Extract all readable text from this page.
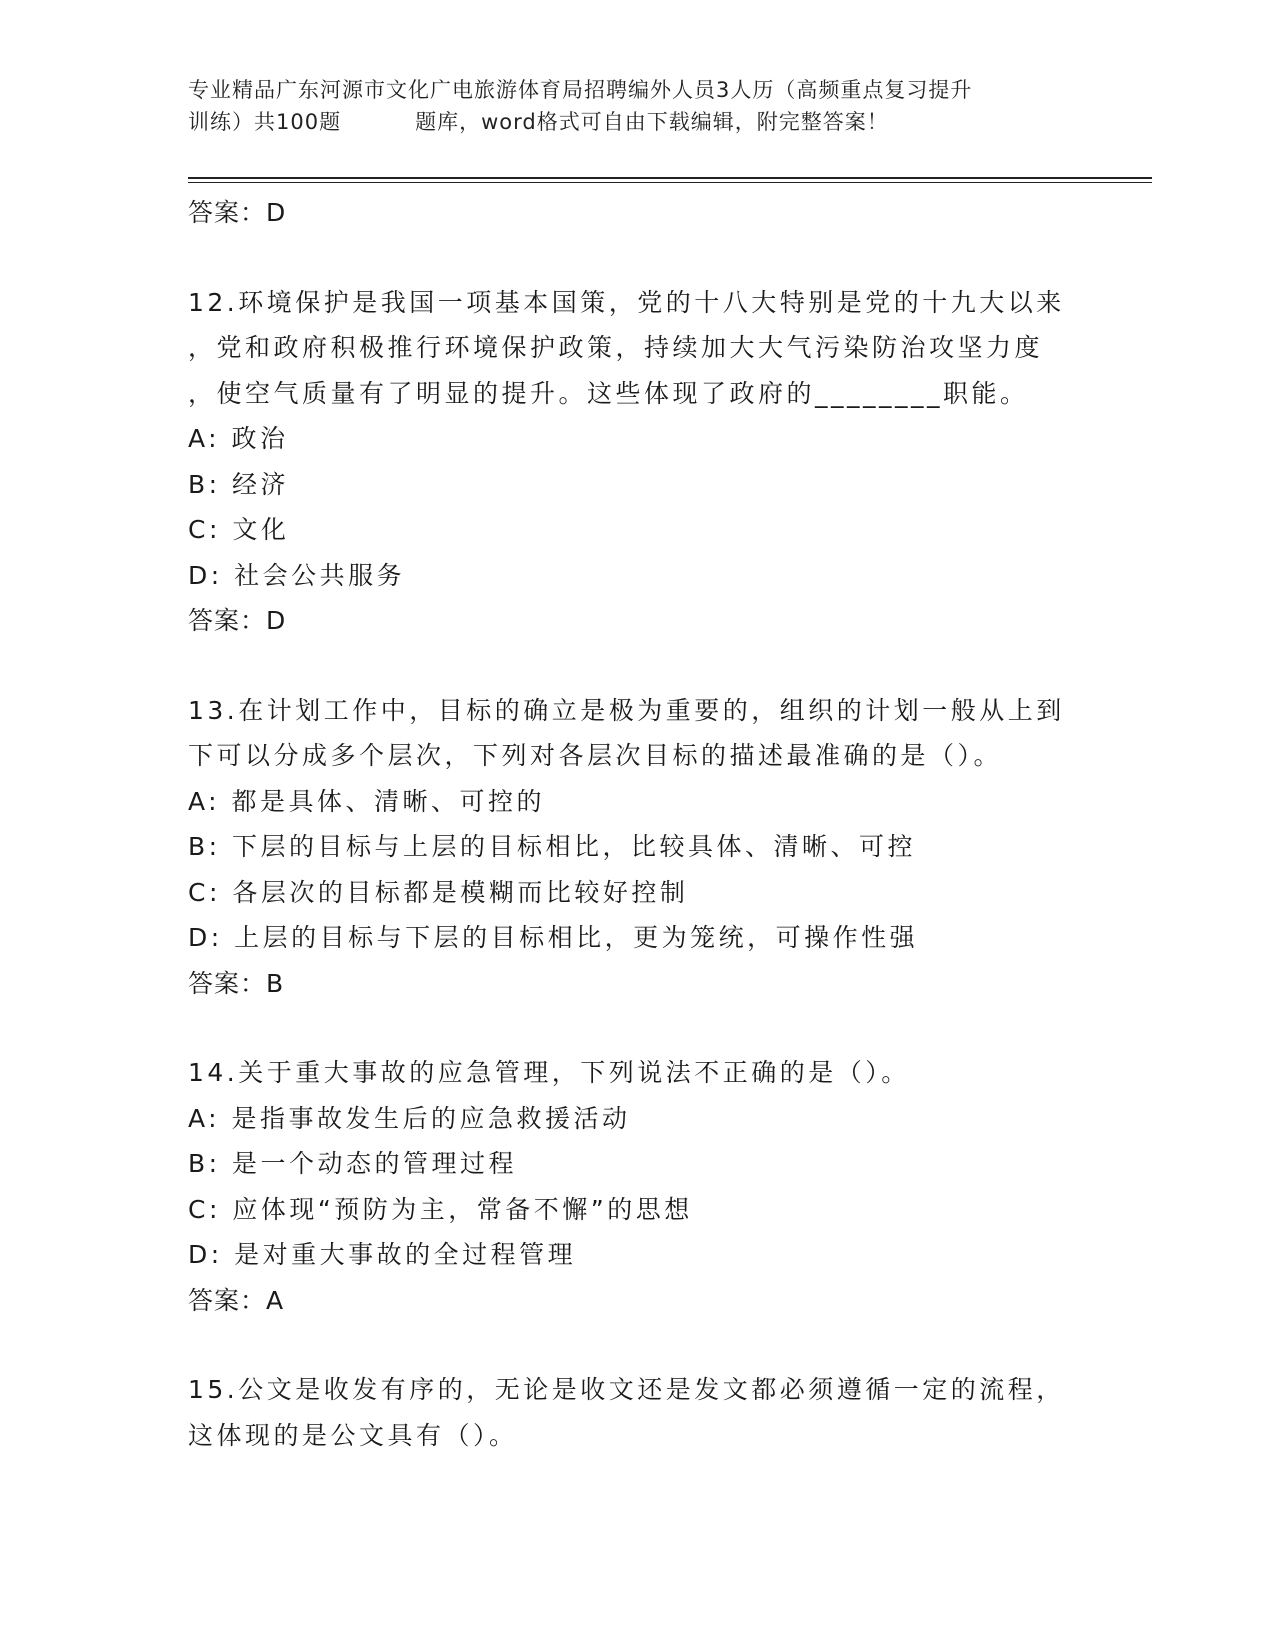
专业精品广东河源市文化广电旅游体育局招聘编外人员3人历（高频重点复习提升
训练）共100题	题库，word格式可自由下载编辑，附完整答案！
答案：D
12.环境保护是我国一项基本国策，党的十八大特别是党的十九大以来
，党和政府积极推行环境保护政策，持续加大大气污染防治攻坚力度
，使空气质量有了明显的提升。这些体现了政府的________职能。
A: 政治
B: 经济
C: 文化
D: 社会公共服务
答案：D
13.在计划工作中，目标的确立是极为重要的，组织的计划一般从上到
下可以分成多个层次，下列对各层次目标的描述最准确的是（）。
A: 都是具体、清晰、可控的
B: 下层的目标与上层的目标相比，比较具体、清晰、可控
C: 各层次的目标都是模糊而比较好控制
D: 上层的目标与下层的目标相比，更为笼统，可操作性强
答案：B
14.关于重大事故的应急管理，下列说法不正确的是（）。
A: 是指事故发生后的应急救援活动
B: 是一个动态的管理过程
C: 应体现“预防为主，常备不懈”的思想
D: 是对重大事故的全过程管理
答案：A
15.公文是收发有序的，无论是收文还是发文都必须遵循一定的流程，
这体现的是公文具有（）。
